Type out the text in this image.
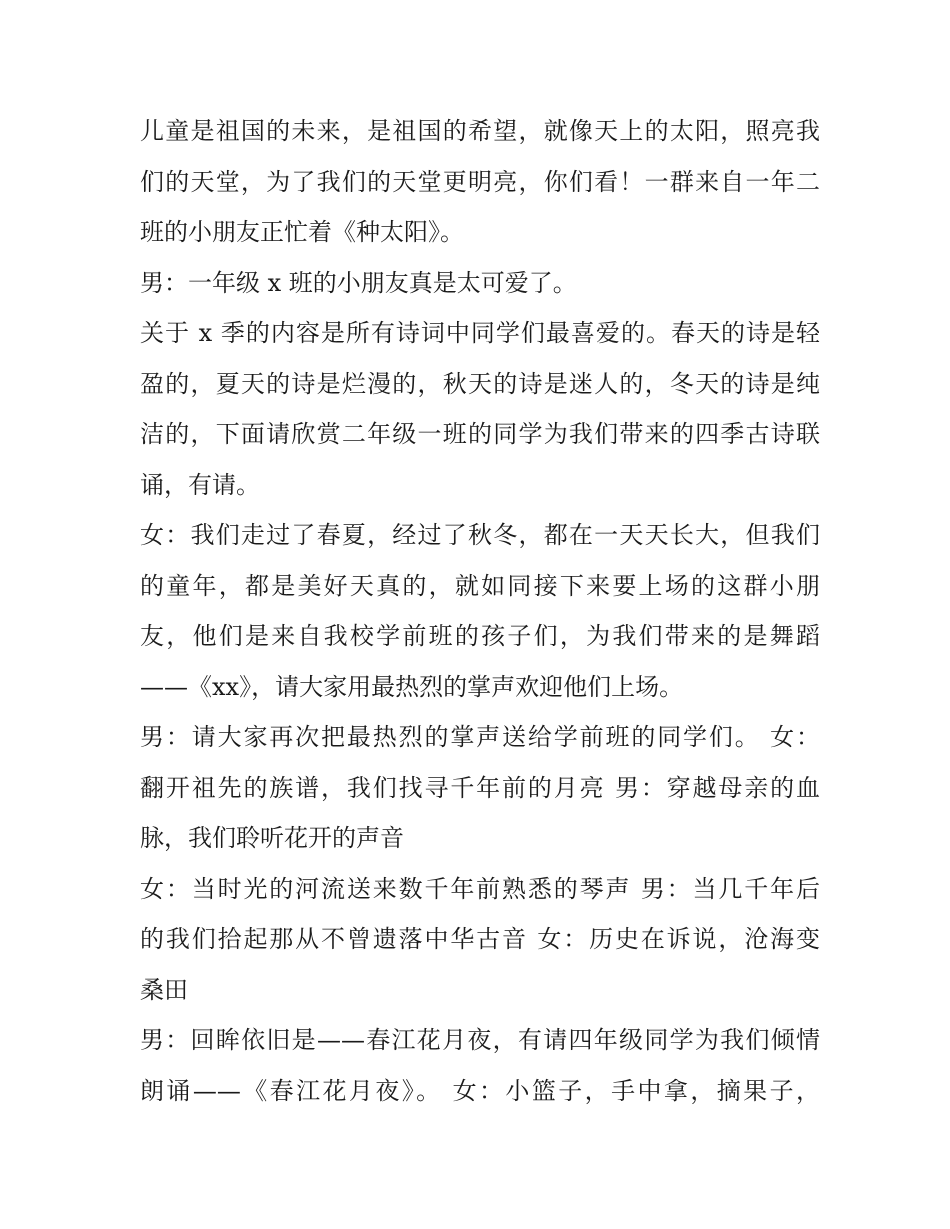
儿童是祖国的未来，是祖国的希望，就像天上的太阳，照亮我
们的天堂，为了我们的天堂更明亮，你们看！一群来自一年二
班的小朋友正忙着《种太阳》。
男：一年级 x 班的小朋友真是太可爱了。
关于 x 季的内容是所有诗词中同学们最喜爱的。春天的诗是轻
盈的，夏天的诗是烂漫的，秋天的诗是迷人的，冬天的诗是纯
洁的，下面请欣赏二年级一班的同学为我们带来的四季古诗联
诵，有请。
女：我们走过了春夏，经过了秋冬，都在一天天长大，但我们
的童年，都是美好天真的，就如同接下来要上场的这群小朋
友，他们是来自我校学前班的孩子们，为我们带来的是舞蹈
——《xx》，请大家用最热烈的掌声欢迎他们上场。
男：请大家再次把最热烈的掌声送给学前班的同学们。 女：
翻开祖先的族谱，我们找寻千年前的月亮 男：穿越母亲的血
脉，我们聆听花开的声音
女：当时光的河流送来数千年前熟悉的琴声 男：当几千年后
的我们拾起那从不曾遗落中华古音 女：历史在诉说，沧海变
桑田
男：回眸依旧是——春江花月夜，有请四年级同学为我们倾情
朗诵——《春江花月夜》。 女：小篮子，手中拿，摘果子，
